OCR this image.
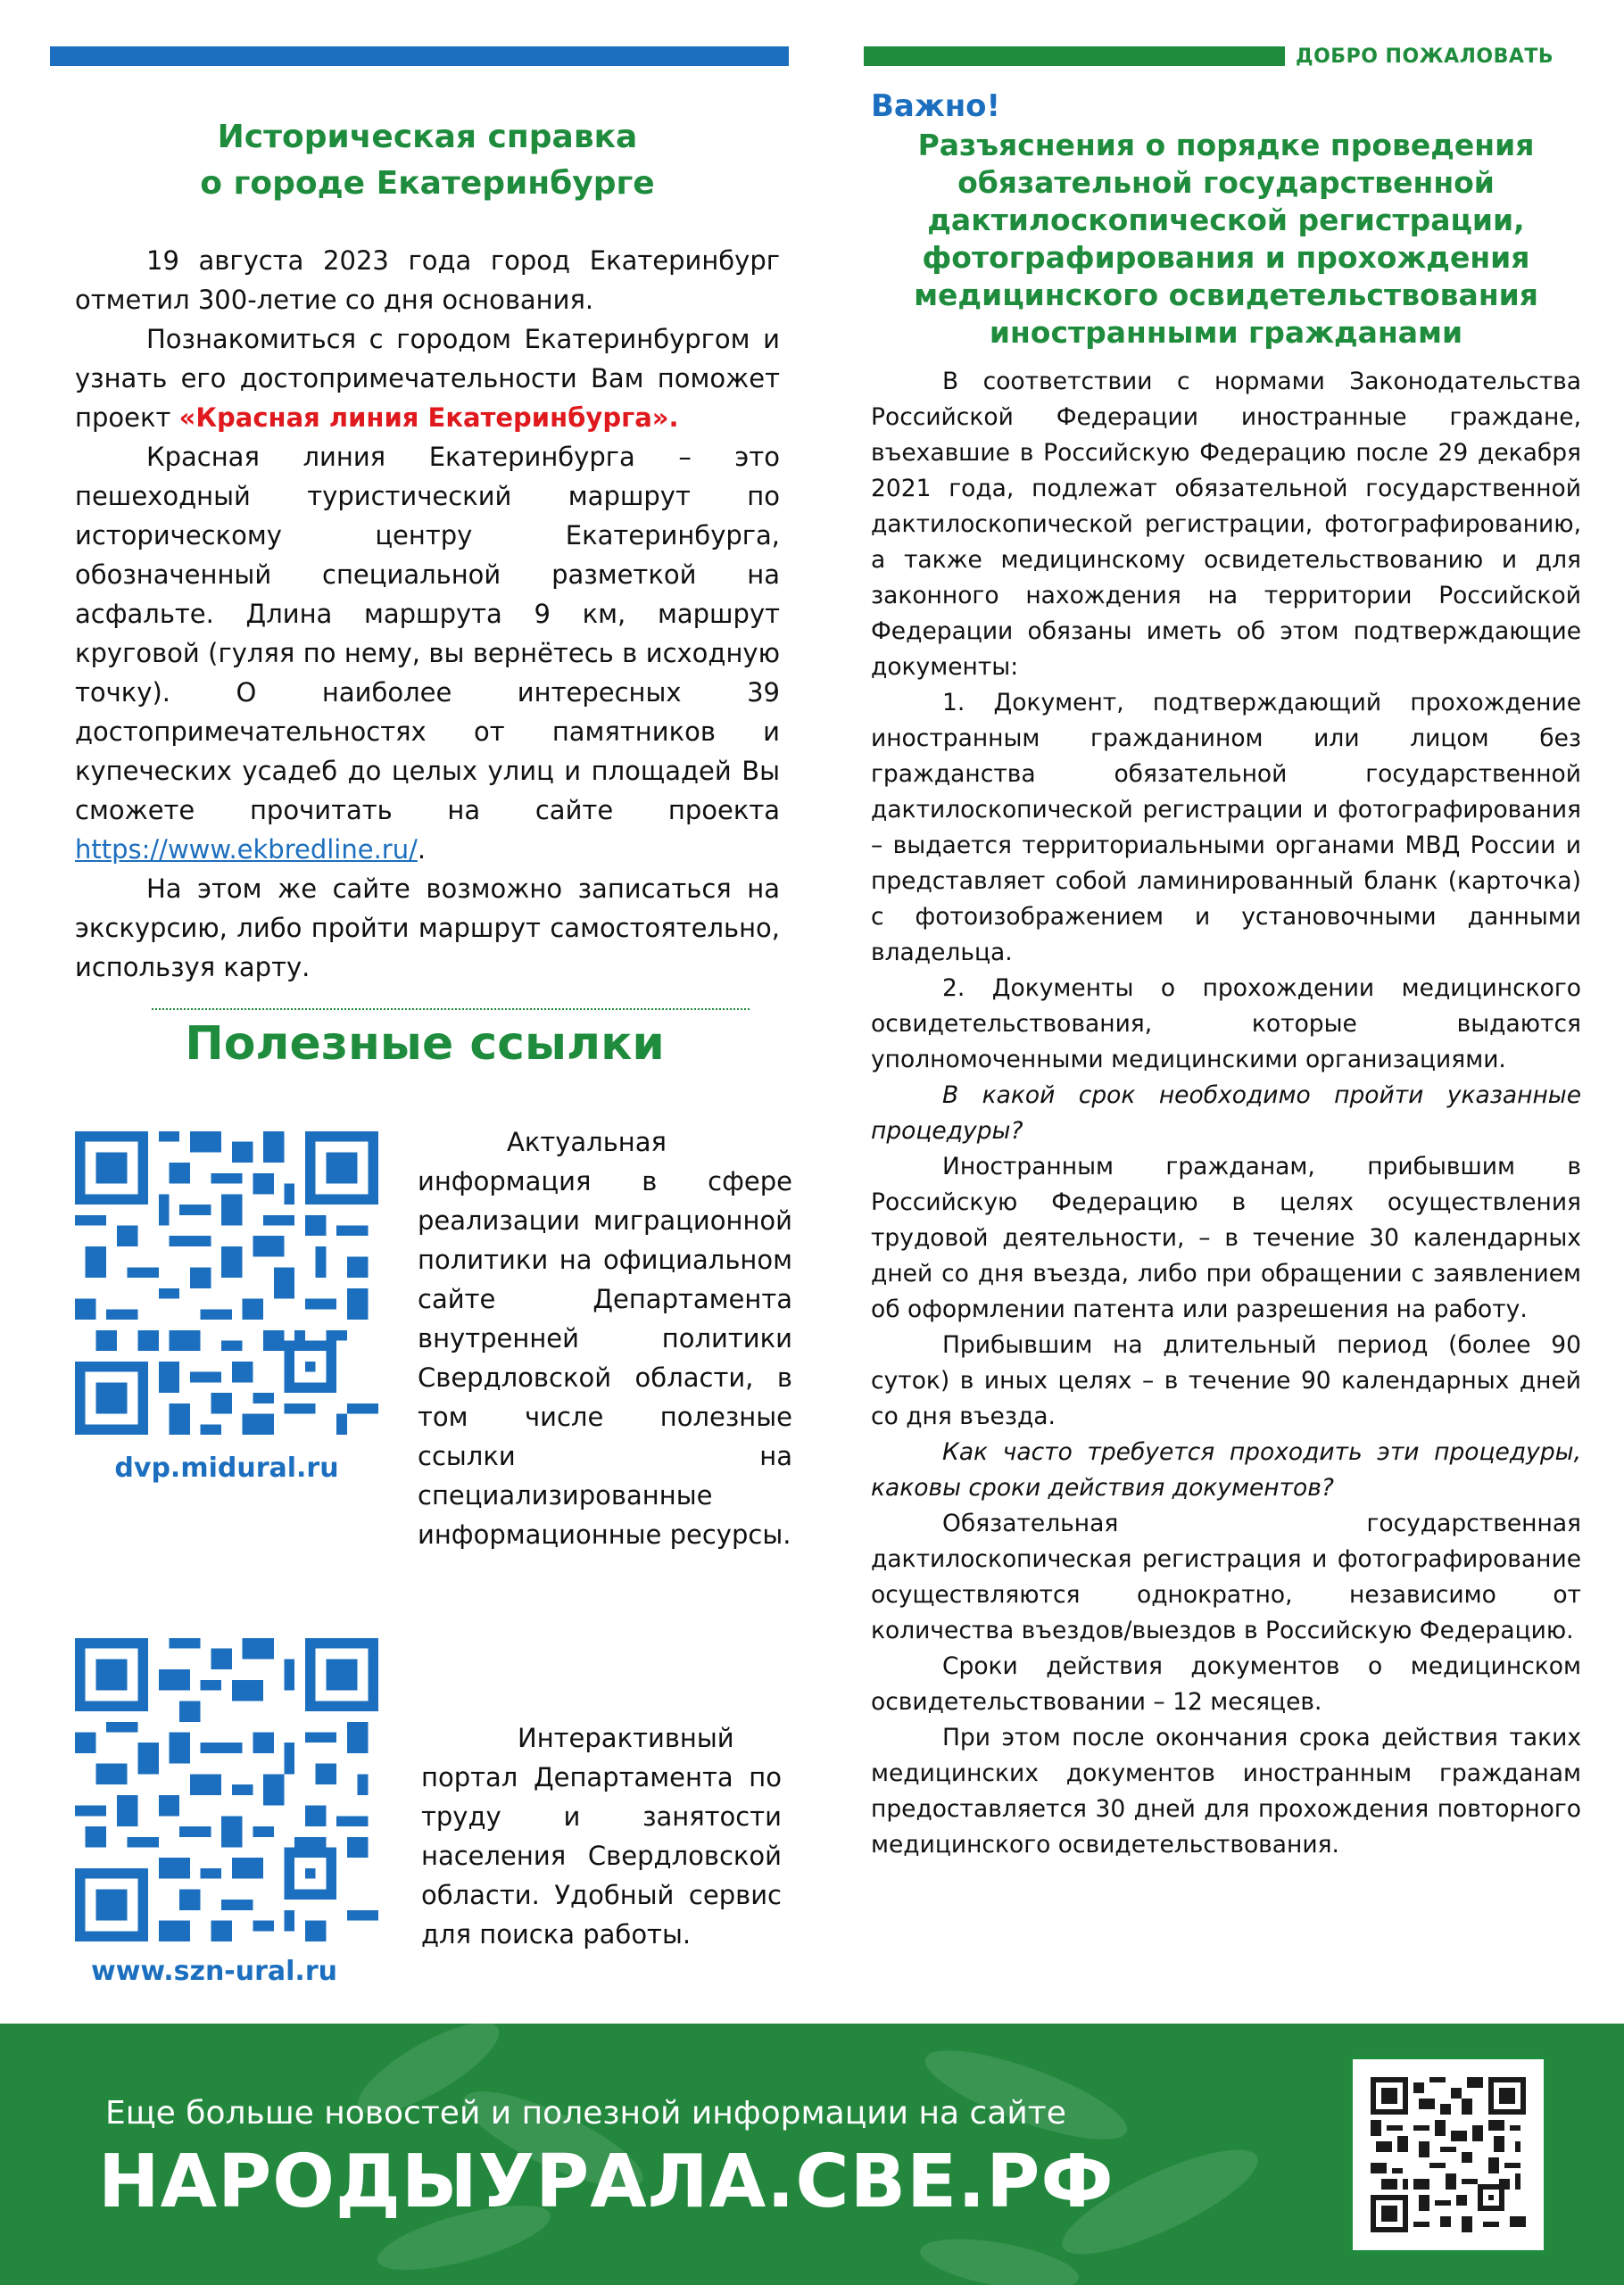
ДОБРО ПОЖАЛОВАТЬ
Историческая справка
о городе Екатеринбурге

19 августа 2023 года город Екатеринбург отметил 300-летие со дня основания.

Познакомиться с городом Екатеринбургом и узнать его достопримечательности Вам поможет проект «Красная линия Екатеринбурга».

Красная линия Екатеринбурга – это пешеходный туристический маршрут по историческому центру Екатеринбурга, обозначенный специальной разметкой на асфальте. Длина маршрута 9 км, маршрут круговой (гуляя по нему, вы вернётесь в исходную точку). О наиболее интересных 39 достопримечательностях от памятников и купеческих усадеб до целых улиц и площадей Вы сможете прочитать на сайте проекта https://www.ekbredline.ru/.

На этом же сайте возможно записаться на экскурсию, либо пройти маршрут самостоятельно, используя карту.

Полезные ссылки
dvp.midural.ru

Актуальная информация в сфере реализации миграционной политики на официальном сайте Департамента внутренней политики Свердловской области, в том числе полезные ссылки на специализированные информационные ресурсы.

www.szn-ural.ru

Интерактивный портал Департамента по труду и занятости населения Свердловской области. Удобный сервис для поиска работы.

Важно!

Разъяснения о порядке проведения обязательной государственной дактилоскопической регистрации, фотографирования и прохождения медицинского освидетельствования иностранными гражданами

В соответствии с нормами Законодательства Российской Федерации иностранные граждане, въехавшие в Российскую Федерацию после 29 декабря 2021 года, подлежат обязательной государственной дактилоскопической регистрации, фотографированию, а также медицинскому освидетельствованию и для законного нахождения на территории Российской Федерации обязаны иметь об этом подтверждающие документы:

1. Документ, подтверждающий прохождение иностранным гражданином или лицом без гражданства обязательной государственной дактилоскопической регистрации и фотографирования – выдается территориальными органами МВД России и представляет собой ламинированный бланк (карточка) с фотоизображением и установочными данными владельца.

2. Документы о прохождении медицинского освидетельствования, которые выдаются уполномоченными медицинскими организациями.

В какой срок необходимо пройти указанные процедуры?

Иностранным гражданам, прибывшим в Российскую Федерацию в целях осуществления трудовой деятельности, – в течение 30 календарных дней со дня въезда, либо при обращении с заявлением об оформлении патента или разрешения на работу.

Прибывшим на длительный период (более 90 суток) в иных целях – в течение 90 календарных дней со дня въезда.

Как часто требуется проходить эти процедуры, каковы сроки действия документов?

Обязательная государственная дактилоскопическая регистрация и фотографирование осуществляются однократно, независимо от количества въездов/выездов в Российскую Федерацию.

Сроки действия документов о медицинском освидетельствовании – 12 месяцев.

При этом после окончания срока действия таких медицинских документов иностранным гражданам предоставляется 30 дней для прохождения повторного медицинского освидетельствования.

Еще больше новостей и полезной информации на сайте
НАРОДЫУРАЛА.СВЕ.РФ
